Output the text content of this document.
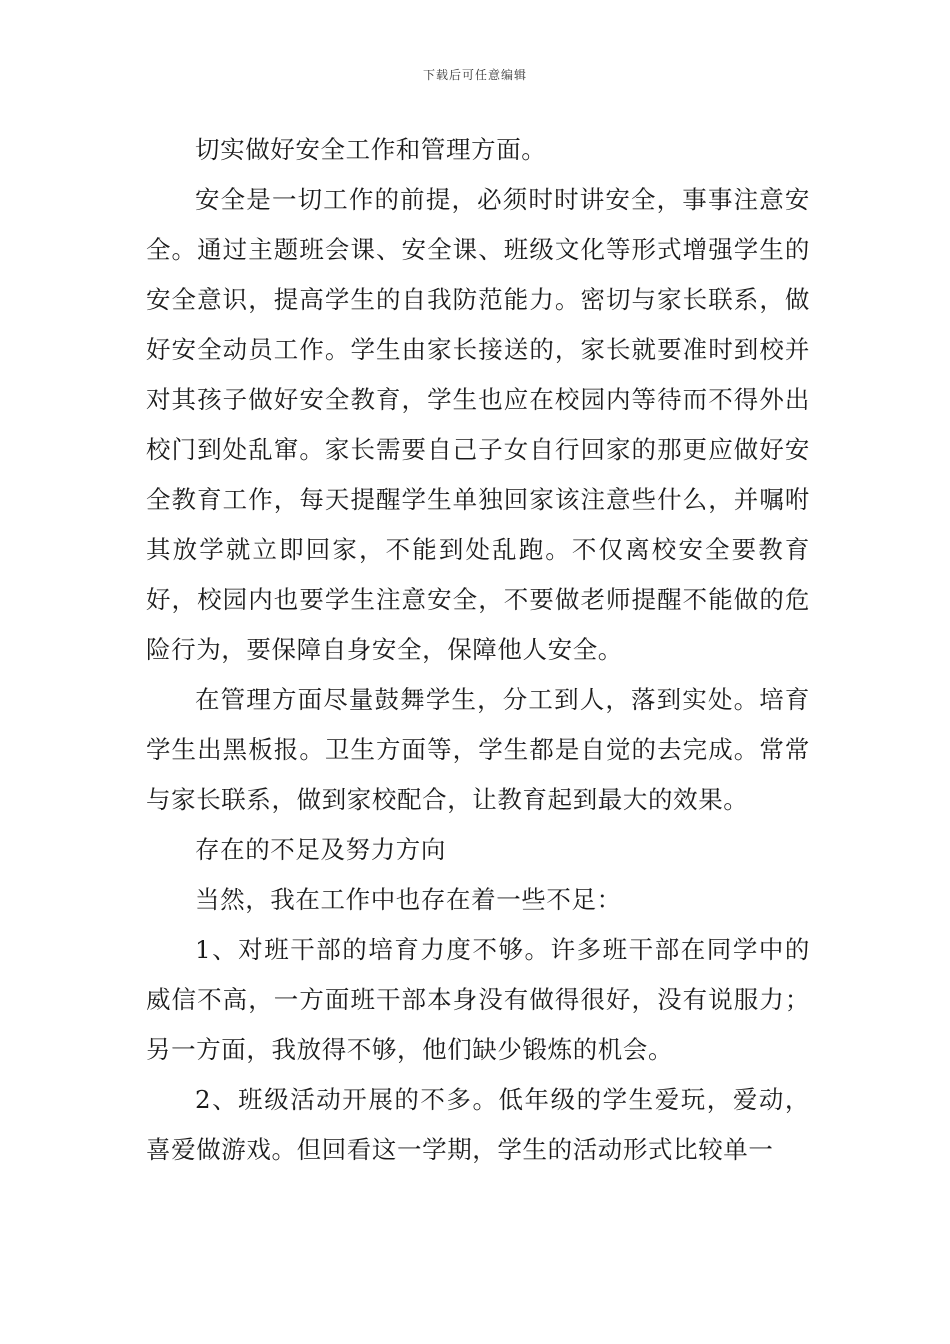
下载后可任意编辑

切实做好安全工作和管理方面。

安全是一切工作的前提，必须时时讲安全，事事注意安全。通过主题班会课、安全课、班级文化等形式增强学生的安全意识，提高学生的自我防范能力。密切与家长联系，做好安全动员工作。学生由家长接送的，家长就要准时到校并对其孩子做好安全教育，学生也应在校园内等待而不得外出校门到处乱窜。家长需要自己子女自行回家的那更应做好安全教育工作，每天提醒学生单独回家该注意些什么，并嘱咐其放学就立即回家，不能到处乱跑。不仅离校安全要教育好，校园内也要学生注意安全，不要做老师提醒不能做的危险行为，要保障自身安全，保障他人安全。

在管理方面尽量鼓舞学生，分工到人，落到实处。培育学生出黑板报。卫生方面等，学生都是自觉的去完成。常常与家长联系，做到家校配合，让教育起到最大的效果。

存在的不足及努力方向

当然，我在工作中也存在着一些不足：

1、对班干部的培育力度不够。许多班干部在同学中的威信不高，一方面班干部本身没有做得很好，没有说服力；另一方面，我放得不够，他们缺少锻炼的机会。

2、班级活动开展的不多。低年级的学生爱玩，爱动，喜爱做游戏。但回看这一学期，学生的活动形式比较单一
